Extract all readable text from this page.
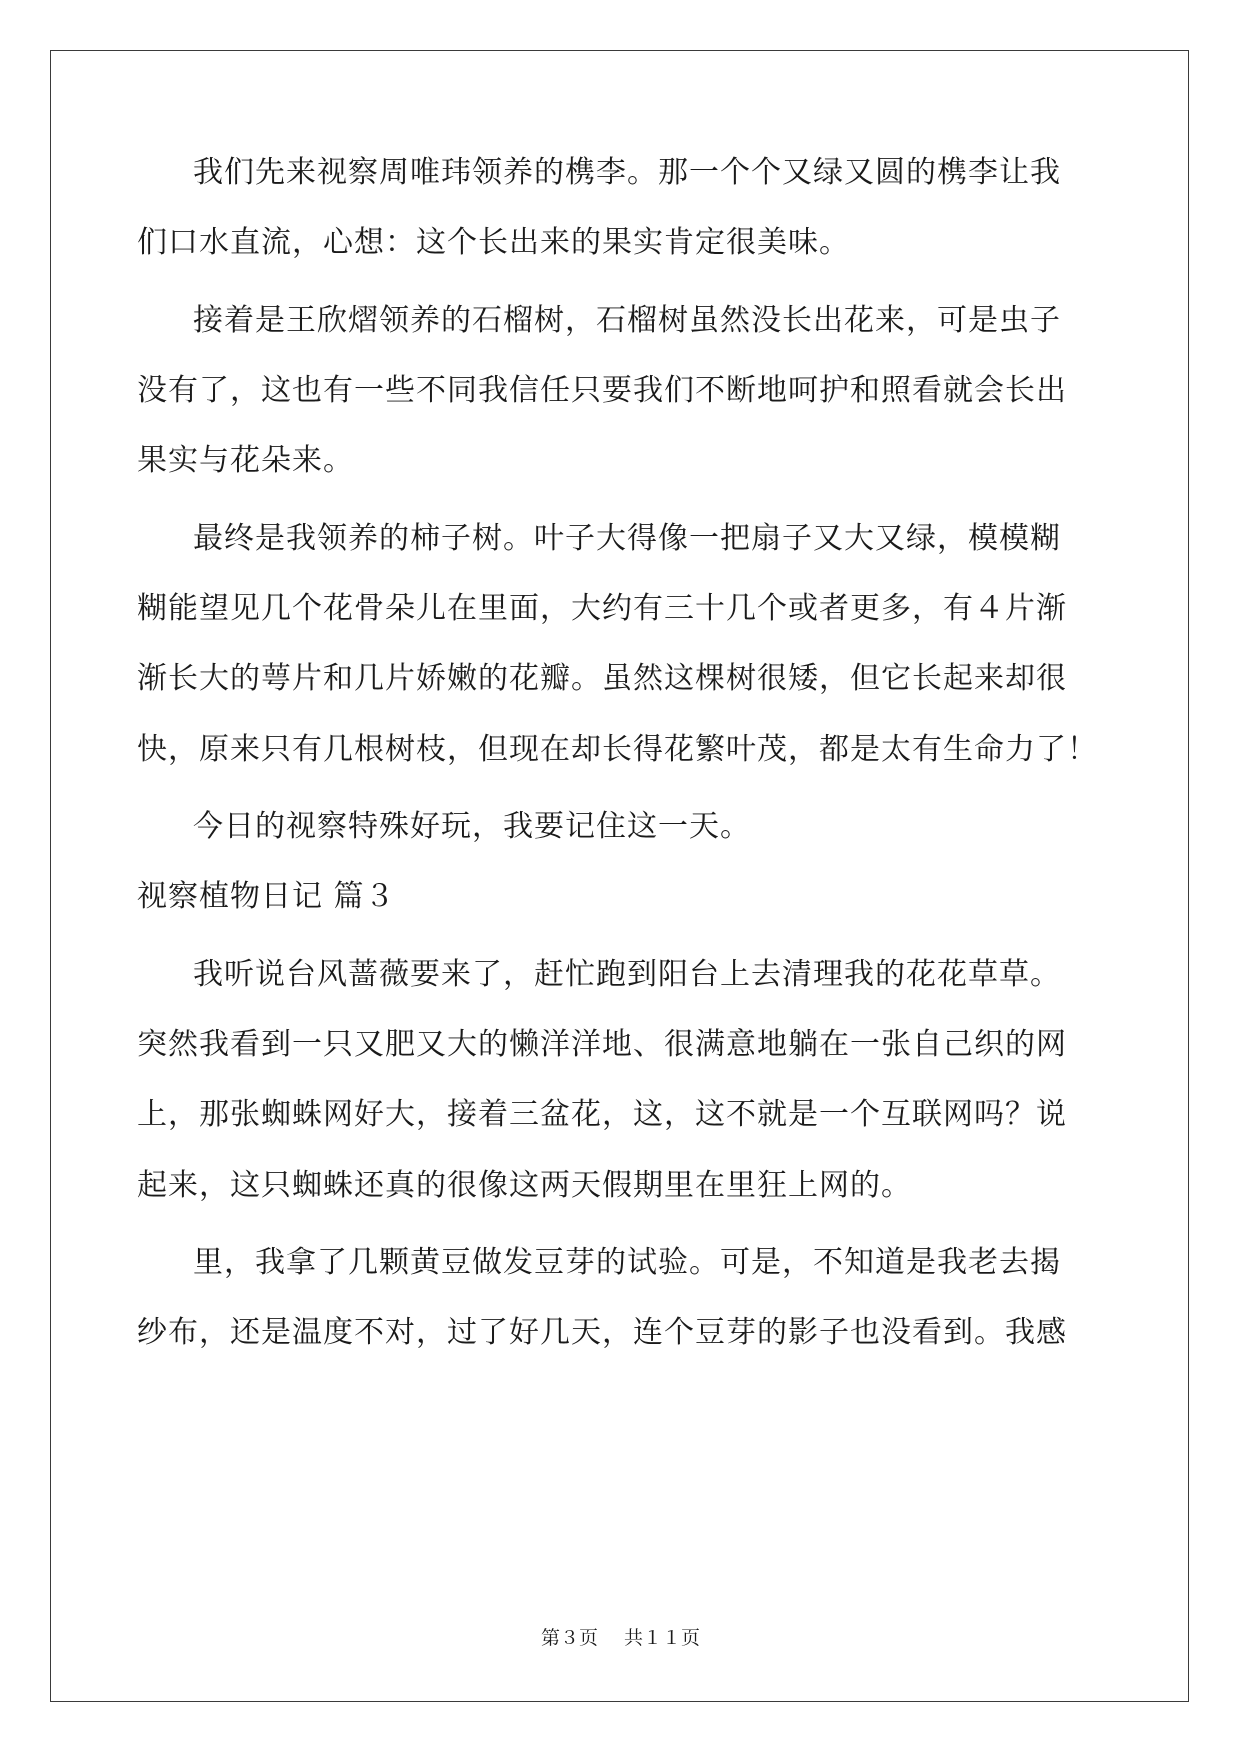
我们先来视察周唯玮领养的槜李。那一个个又绿又圆的槜李让我
们口水直流，心想：这个长出来的果实肯定很美味。
接着是王欣熠领养的石榴树，石榴树虽然没长出花来，可是虫子
没有了，这也有一些不同我信任只要我们不断地呵护和照看就会长出
果实与花朵来。
最终是我领养的柿子树。叶子大得像一把扇子又大又绿，模模糊
糊能望见几个花骨朵儿在里面，大约有三十几个或者更多，有４片渐
渐长大的萼片和几片娇嫩的花瓣。虽然这棵树很矮，但它长起来却很
快，原来只有几根树枝，但现在却长得花繁叶茂，都是太有生命力了！
今日的视察特殊好玩，我要记住这一天。
视察植物日记 篇３
我听说台风蔷薇要来了，赶忙跑到阳台上去清理我的花花草草。
突然我看到一只又肥又大的懒洋洋地、很满意地躺在一张自己织的网
上，那张蜘蛛网好大，接着三盆花，这，这不就是一个互联网吗？说
起来，这只蜘蛛还真的很像这两天假期里在里狂上网的。
里，我拿了几颗黄豆做发豆芽的试验。可是，不知道是我老去揭
纱布，还是温度不对，过了好几天，连个豆芽的影子也没看到。我感
第３页 共１１页
